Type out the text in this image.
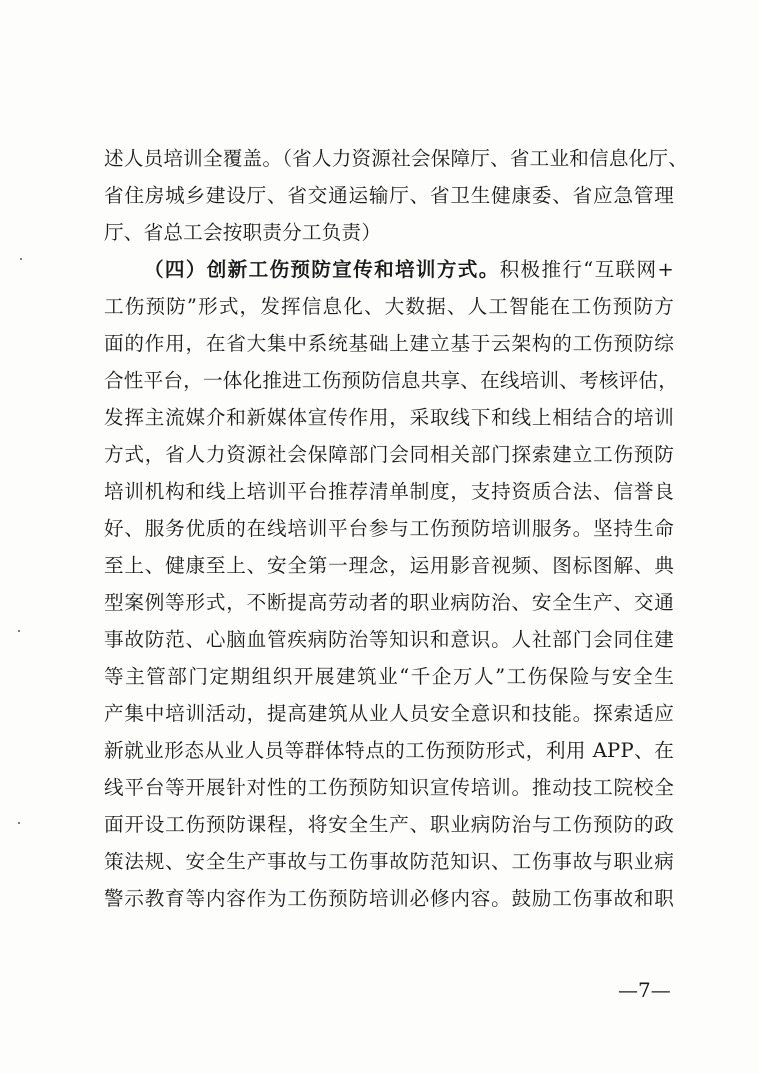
述人员培训全覆盖。（省人力资源社会保障厅、省工业和信息化厅、
省住房城乡建设厅、省交通运输厅、省卫生健康委、省应急管理
厅、省总工会按职责分工负责）
（四）创新工伤预防宣传和培训方式。积极推行“互联网+
工伤预防”形式，发挥信息化、大数据、人工智能在工伤预防方
面的作用，在省大集中系统基础上建立基于云架构的工伤预防综
合性平台，一体化推进工伤预防信息共享、在线培训、考核评估，
发挥主流媒介和新媒体宣传作用，采取线下和线上相结合的培训
方式，省人力资源社会保障部门会同相关部门探索建立工伤预防
培训机构和线上培训平台推荐清单制度，支持资质合法、信誉良
好、服务优质的在线培训平台参与工伤预防培训服务。坚持生命
至上、健康至上、安全第一理念，运用影音视频、图标图解、典
型案例等形式，不断提高劳动者的职业病防治、安全生产、交通
事故防范、心脑血管疾病防治等知识和意识。人社部门会同住建
等主管部门定期组织开展建筑业“千企万人”工伤保险与安全生
产集中培训活动，提高建筑从业人员安全意识和技能。探索适应
新就业形态从业人员等群体特点的工伤预防形式，利用 APP、在
线平台等开展针对性的工伤预防知识宣传培训。推动技工院校全
面开设工伤预防课程，将安全生产、职业病防治与工伤预防的政
策法规、安全生产事故与工伤事故防范知识、工伤事故与职业病
警示教育等内容作为工伤预防培训必修内容。鼓励工伤事故和职
—7—
